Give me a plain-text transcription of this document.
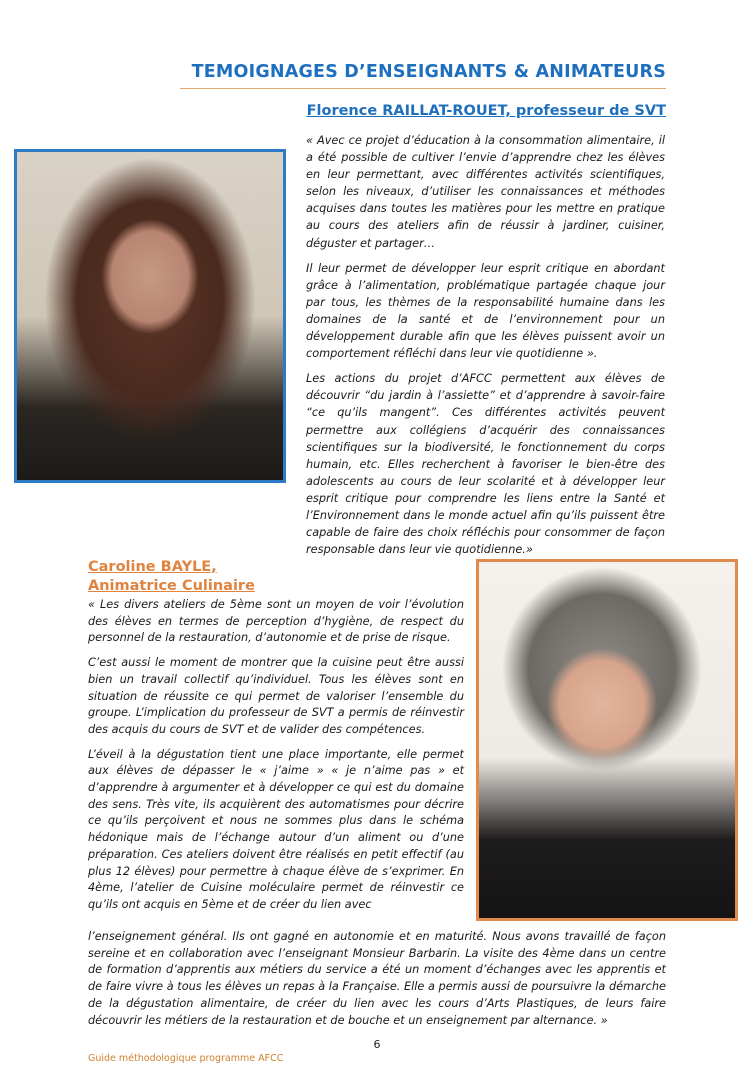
TEMOIGNAGES D’ENSEIGNANTS & ANIMATEURS
Florence RAILLAT-ROUET, professeur de SVT

« Avec ce projet d’éducation à la consommation alimentaire, il a été possible de cultiver l’envie d’apprendre chez les élèves en leur permettant, avec différentes activités scientifiques, selon les niveaux, d’utiliser les connaissances et méthodes acquises dans toutes les matières pour les mettre en pratique au cours des ateliers afin de réussir à jardiner, cuisiner, déguster et partager…

Il leur permet de développer leur esprit critique en abordant grâce à l’alimentation, problématique partagée chaque jour par tous, les thèmes de la responsabilité humaine dans les domaines de la santé et de l’environnement pour un développement durable afin que les élèves puissent avoir un comportement réfléchi dans leur vie quotidienne ».

Les actions du projet d’AFCC permettent aux élèves de découvrir “du jardin à l’assiette” et d’apprendre à savoir-faire “ce qu’ils mangent”. Ces différentes activités peuvent permettre aux collégiens d’acquérir des connaissances scientifiques sur la biodiversité, le fonctionnement du corps humain, etc. Elles recherchent à favoriser le bien-être des adolescents au cours de leur scolarité et à développer leur esprit critique pour comprendre les liens entre la Santé et l’Environnement dans le monde actuel afin qu’ils puissent être capable de faire des choix réfléchis pour consommer de façon responsable dans leur vie quotidienne.»

Caroline BAYLE,
Animatrice Culinaire

« Les divers ateliers de 5ème sont un moyen de voir l’évolution des élèves en termes de perception d’hygiène, de respect du personnel de la restauration, d’autonomie et de prise de risque.

C’est aussi le moment de montrer que la cuisine peut être aussi bien un travail collectif qu’individuel. Tous les élèves sont en situation de réussite ce qui permet de valoriser l’ensemble du groupe. L’implication du professeur de SVT a permis de réinvestir des acquis du cours de SVT et de valider des compétences.

L’éveil à la dégustation tient une place importante, elle permet aux élèves de dépasser le « j’aime » « je n’aime pas » et d’apprendre à argumenter et à développer ce qui est du domaine des sens. Très vite, ils acquièrent des automatismes pour décrire ce qu’ils perçoivent et nous ne sommes plus dans le schéma hédonique mais de l’échange autour d’un aliment ou d’une préparation. Ces ateliers doivent être réalisés en petit effectif (au plus 12 élèves) pour permettre à chaque élève de s’exprimer. En 4ème, l’atelier de Cuisine moléculaire permet de réinvestir ce qu’ils ont acquis en 5ème et de créer du lien avec

l’enseignement général. Ils ont gagné en autonomie et en maturité. Nous avons travaillé de façon sereine et en collaboration avec l’enseignant Monsieur Barbarin. La visite des 4ème dans un centre de formation d’apprentis aux métiers du service a été un moment d’échanges avec les apprentis et de faire vivre à tous les élèves un repas à la Française. Elle a permis aussi de poursuivre la démarche de la dégustation alimentaire, de créer du lien avec les cours d’Arts Plastiques, de leurs faire découvrir les métiers de la restauration et de bouche et un enseignement par alternance. »

6
Guide méthodologique programme AFCC
